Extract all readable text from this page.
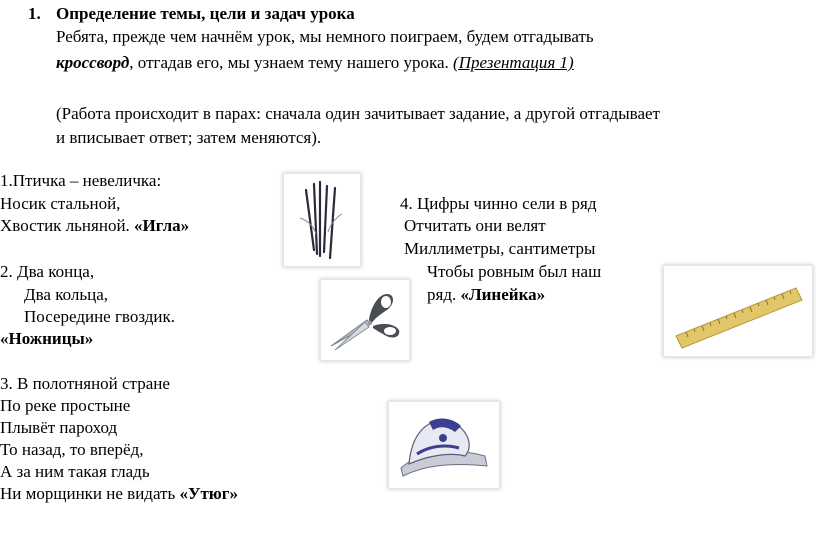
1. Определение темы, цели и задач урока
Ребята, прежде чем начнём урок, мы немного поиграем, будем отгадывать
кроссворд, отгадав его, мы узнаем тему нашего урока. (Презентация 1)
(Работа происходит в парах: сначала один зачитывает задание, а другой отгадывает
и вписывает ответ; затем меняются).
1.Птичка – невеличка:
Носик стальной,
Хвостик льняной. «Игла»
2. Два конца,
Два кольца,
Посередине гвоздик.
«Ножницы»
3. В полотняной стране
По реке простыне
Плывёт пароход
То назад, то вперёд,
А за ним такая гладь
Ни морщинки не видать «Утюг»
4. Цифры чинно сели в ряд
Отчитать они велят
Миллиметры, сантиметры
Чтобы ровным был наш
ряд. «Линейка»
